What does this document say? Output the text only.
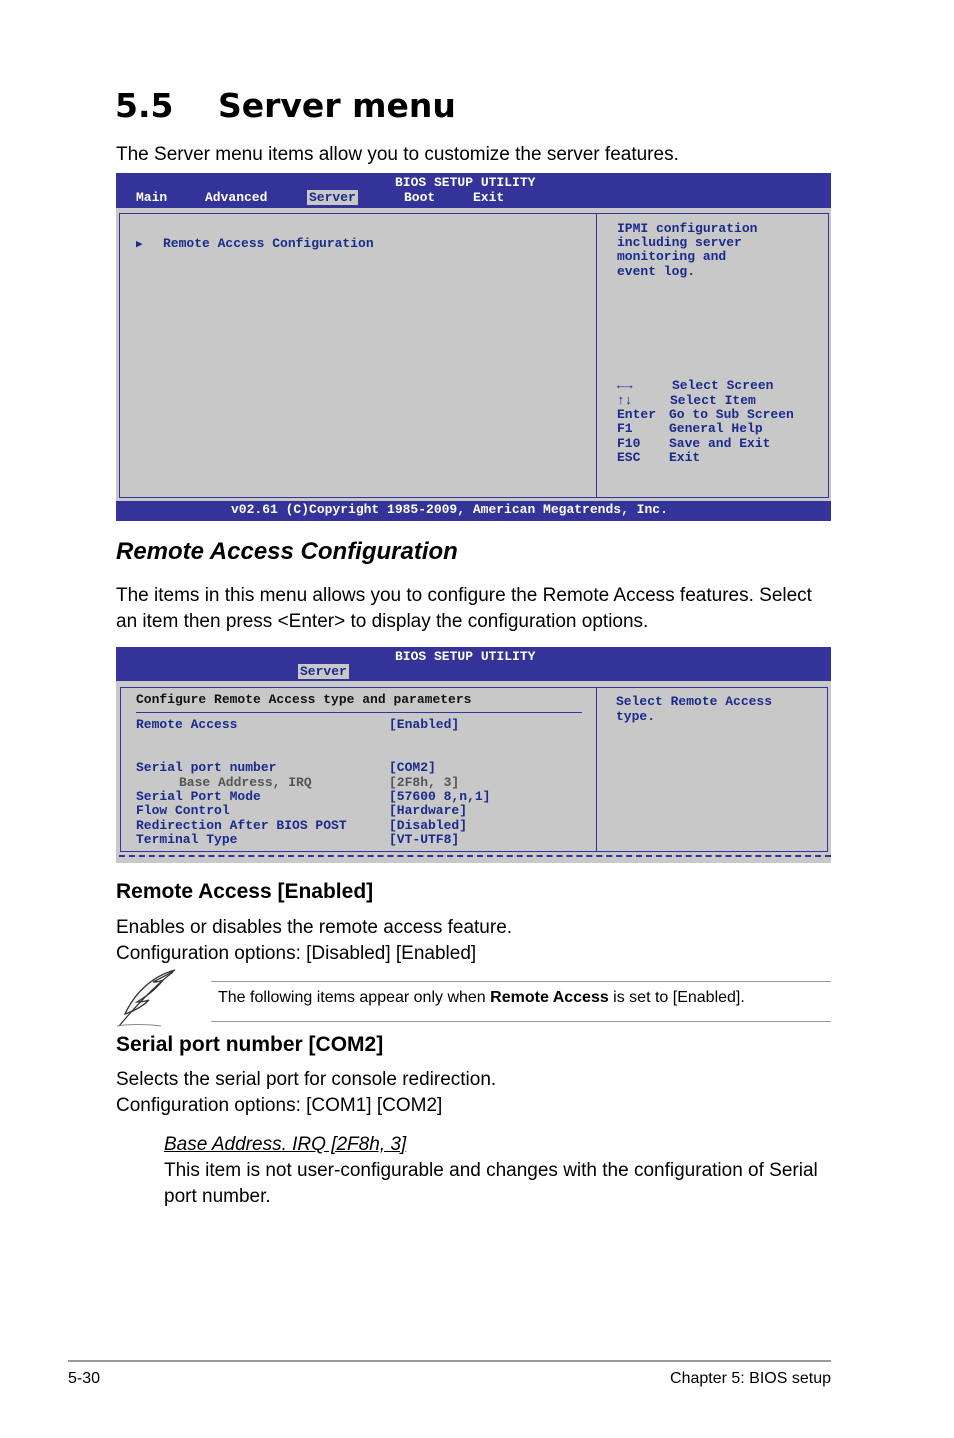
5.5 Server menu
The Server menu items allow you to customize the server features.
BIOS SETUP UTILITY
Main	Advanced	Server	Boot	Exit
▶ Remote Access Configuration
IPMI configuration
including server
monitoring and
event log.
←→	Select Screen
↑↓	Select Item
Enter Go to Sub Screen
F1	General Help
F10 Save and Exit
ESC Exit
v02.61 (C)Copyright 1985-2009, American Megatrends, Inc.
Remote Access Configuration
The items in this menu allows you to configure the Remote Access features. Select
an item then press <Enter> to display the configuration options.
BIOS SETUP UTILITY
Server
Configure Remote Access type and parameters
Remote Access	[Enabled]
Serial port number	[COM2]
Base Address, IRQ	[2F8h, 3]
Serial Port Mode	[57600 8,n,1]
Flow Control	[Hardware]
Redirection After BIOS POST	[Disabled]
Terminal Type	[VT-UTF8]
Select Remote Access
type.
Remote Access [Enabled]
Enables or disables the remote access feature.
Configuration options: [Disabled] [Enabled]
The following items appear only when Remote Access is set to [Enabled].
Serial port number [COM2]
Selects the serial port for console redirection.
Configuration options: [COM1] [COM2]
Base Address. IRQ [2F8h, 3]
This item is not user-configurable and changes with the configuration of Serial
port number.
5-30	Chapter 5: BIOS setup
